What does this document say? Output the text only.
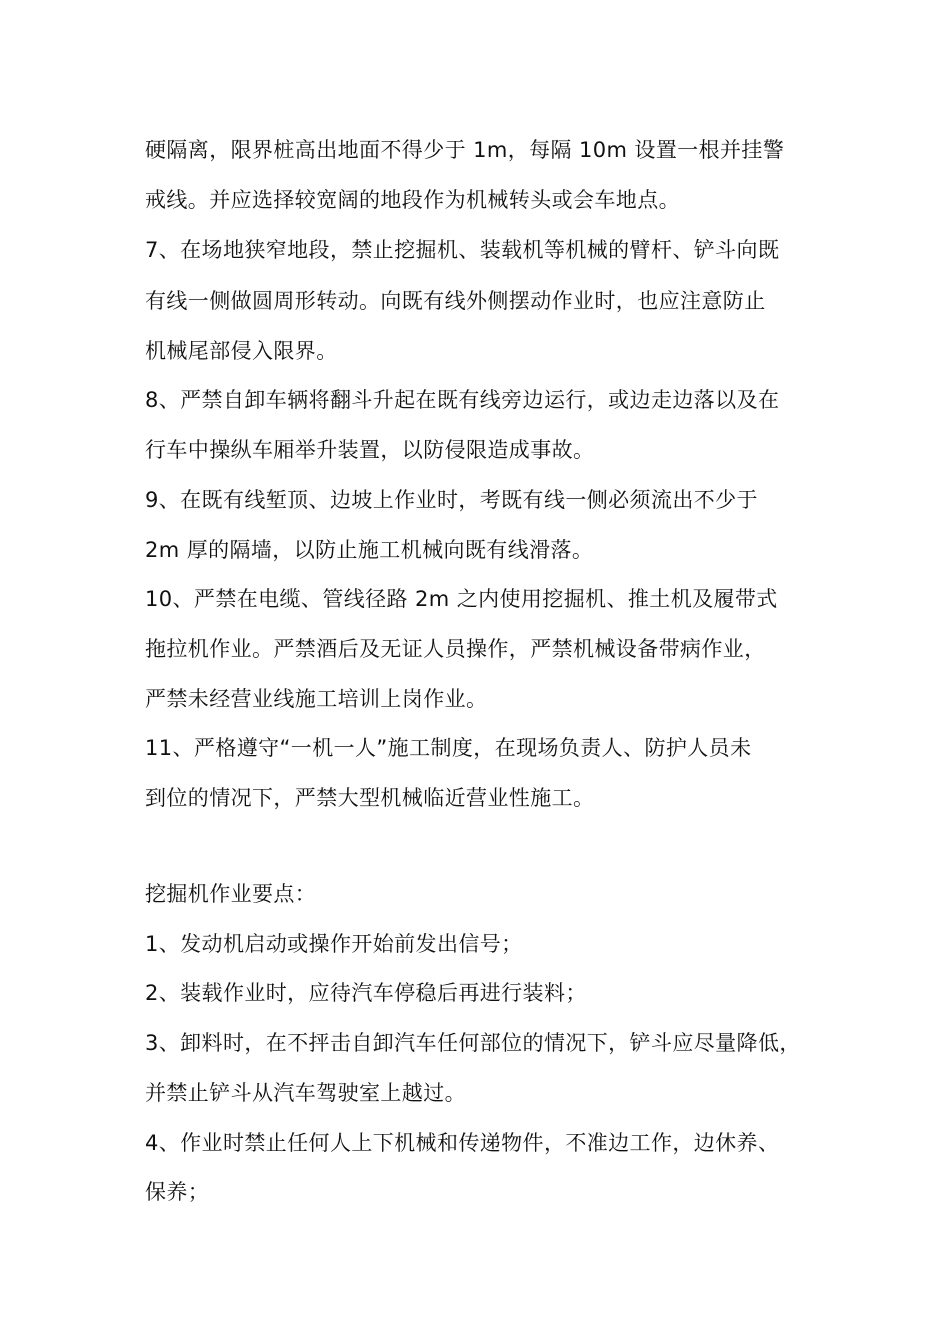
硬隔离，限界桩高出地面不得少于 1m，每隔 10m 设置一根并挂警
戒线。并应选择较宽阔的地段作为机械转头或会车地点。
7、在场地狭窄地段，禁止挖掘机、装载机等机械的臂杆、铲斗向既
有线一侧做圆周形转动。向既有线外侧摆动作业时，也应注意防止
机械尾部侵入限界。
8、严禁自卸车辆将翻斗升起在既有线旁边运行，或边走边落以及在
行车中操纵车厢举升装置，以防侵限造成事故。
9、在既有线堑顶、边坡上作业时，考既有线一侧必须流出不少于
2m 厚的隔墙，以防止施工机械向既有线滑落。
10、严禁在电缆、管线径路 2m 之内使用挖掘机、推土机及履带式
拖拉机作业。严禁酒后及无证人员操作，严禁机械设备带病作业，
严禁未经营业线施工培训上岗作业。
11、严格遵守“一机一人”施工制度，在现场负责人、防护人员未
到位的情况下，严禁大型机械临近营业性施工。
挖掘机作业要点：
1、发动机启动或操作开始前发出信号；
2、装载作业时，应待汽车停稳后再进行装料；
3、卸料时，在不抨击自卸汽车任何部位的情况下，铲斗应尽量降低，
并禁止铲斗从汽车驾驶室上越过。
4、作业时禁止任何人上下机械和传递物件，不准边工作，边休养、
保养；
